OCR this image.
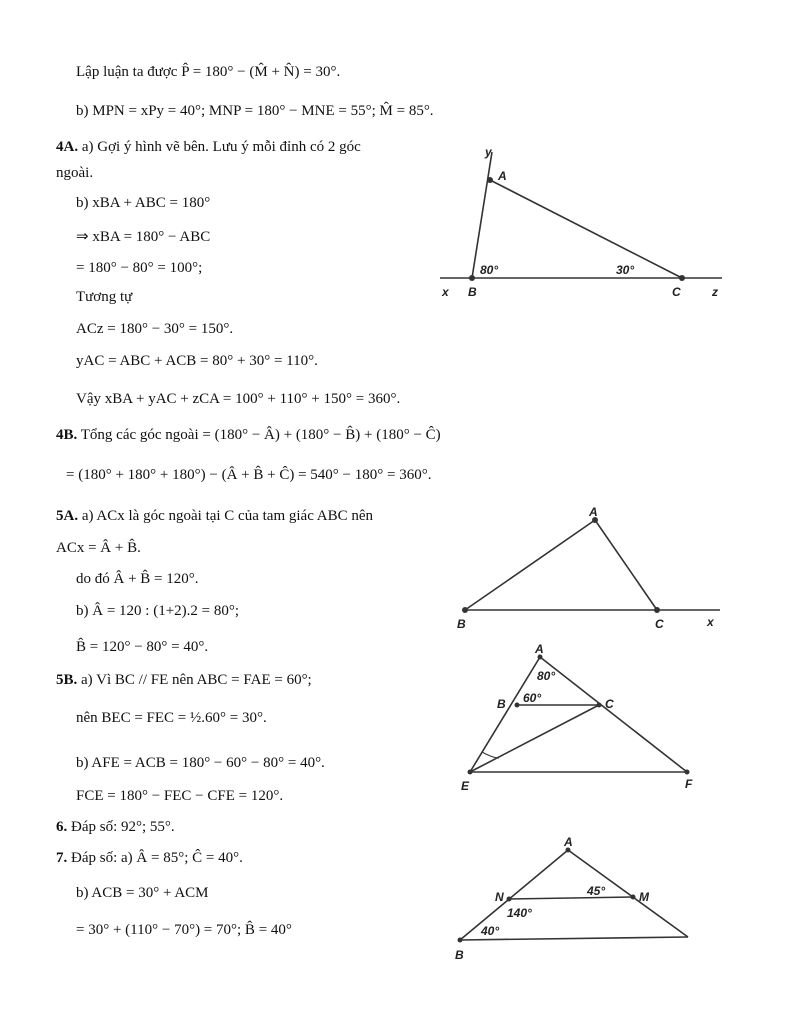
Lập luận ta được P̂ = 180° − (M̂ + N̂) = 30°.
b) MPN = xPy = 40°; MNP = 180° − MNE = 55°; M̂ = 85°.
4A. a) Gợi ý hình vẽ bên. Lưu ý mỗi đỉnh có 2 góc
ngoài.
b) xBA + ABC = 180°
⇒ xBA = 180° − ABC
= 180° − 80° = 100°;
Tương tự
ACz = 180° − 30° = 150°.
yAC = ABC + ACB = 80° + 30° = 110°.
Vậy xBA + yAC + zCA = 100° + 110° + 150° = 360°.
4B. Tổng các góc ngoài = (180° − Â) + (180° − B̂) + (180° − Ĉ)
= (180° + 180° + 180°) − (Â + B̂ + Ĉ) = 540° − 180° = 360°.
5A. a) ACx là góc ngoài tại C của tam giác ABC nên
ACx = Â + B̂.
do đó Â + B̂ = 120°.
b) Â = 120 : (1+2).2 = 80°;
B̂ = 120° − 80° = 40°.
5B. a) Vì BC // FE nên ABC = FAE = 60°;
nên BEC = FEC = ½.60° = 30°.
b) AFE = ACB = 180° − 60° − 80° = 40°.
FCE = 180° − FEC − CFE = 120°.
6. Đáp số: 92°; 55°.
7. Đáp số: a) Â = 85°; Ĉ = 40°.
b) ACB = 30° + ACM
= 30° + (110° − 70°) = 70°; B̂ = 40°
y
A
x B	C	z
80°	30°
A
B	C	x
A
B	C
E	F
80°
60°
A
N	M
B
45°
140°
40°
